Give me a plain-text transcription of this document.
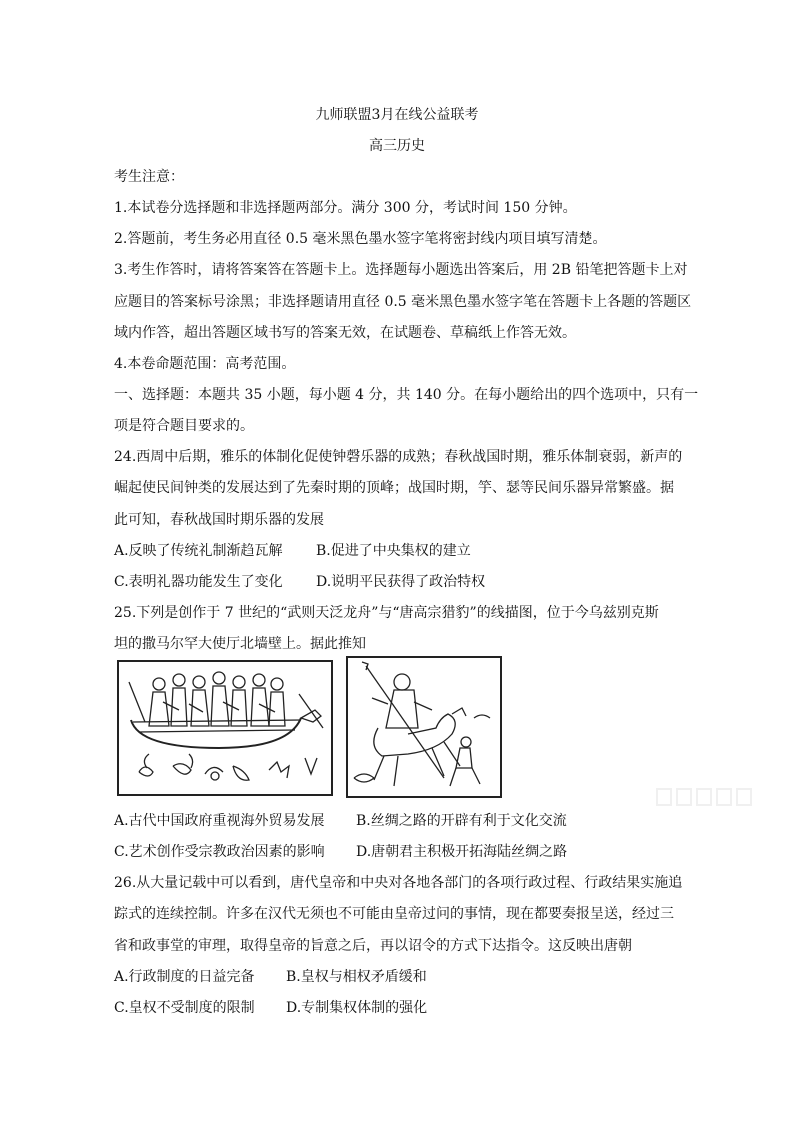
九师联盟3月在线公益联考
高三历史
考生注意：
1.本试卷分选择题和非选择题两部分。满分 300 分，考试时间 150 分钟。
2.答题前，考生务必用直径 0.5 毫米黑色墨水签字笔将密封线内项目填写清楚。
3.考生作答时，请将答案答在答题卡上。选择题每小题选出答案后，用 2B 铅笔把答题卡上对
应题目的答案标号涂黑；非选择题请用直径 0.5 毫米黑色墨水签字笔在答题卡上各题的答题区
域内作答，超出答题区域书写的答案无效，在试题卷、草稿纸上作答无效。
4.本卷命题范围：高考范围。
一、选择题：本题共 35 小题，每小题 4 分，共 140 分。在每小题给出的四个选项中，只有一
项是符合题目要求的。
24.西周中后期，雅乐的体制化促使钟磬乐器的成熟；春秋战国时期，雅乐体制衰弱，新声的
崛起使民间钟类的发展达到了先秦时期的顶峰；战国时期，竽、瑟等民间乐器异常繁盛。据
此可知，春秋战国时期乐器的发展
A.反映了传统礼制渐趋瓦解 B.促进了中央集权的建立
C.表明礼器功能发生了变化 D.说明平民获得了政治特权
25.下列是创作于 7 世纪的“武则天泛龙舟”与“唐高宗猎豹”的线描图，位于今乌兹别克斯
坦的撒马尔罕大使厅北墙壁上。据此推知
A.古代中国政府重视海外贸易发展 B.丝绸之路的开辟有利于文化交流
C.艺术创作受宗教政治因素的影响 D.唐朝君主积极开拓海陆丝绸之路
26.从大量记载中可以看到，唐代皇帝和中央对各地各部门的各项行政过程、行政结果实施追
踪式的连续控制。许多在汉代无须也不可能由皇帝过问的事情，现在都要奏报呈送，经过三
省和政事堂的审理，取得皇帝的旨意之后，再以诏令的方式下达指令。这反映出唐朝
A.行政制度的日益完备 B.皇权与相权矛盾缓和
C.皇权不受制度的限制 D.专制集权体制的强化
